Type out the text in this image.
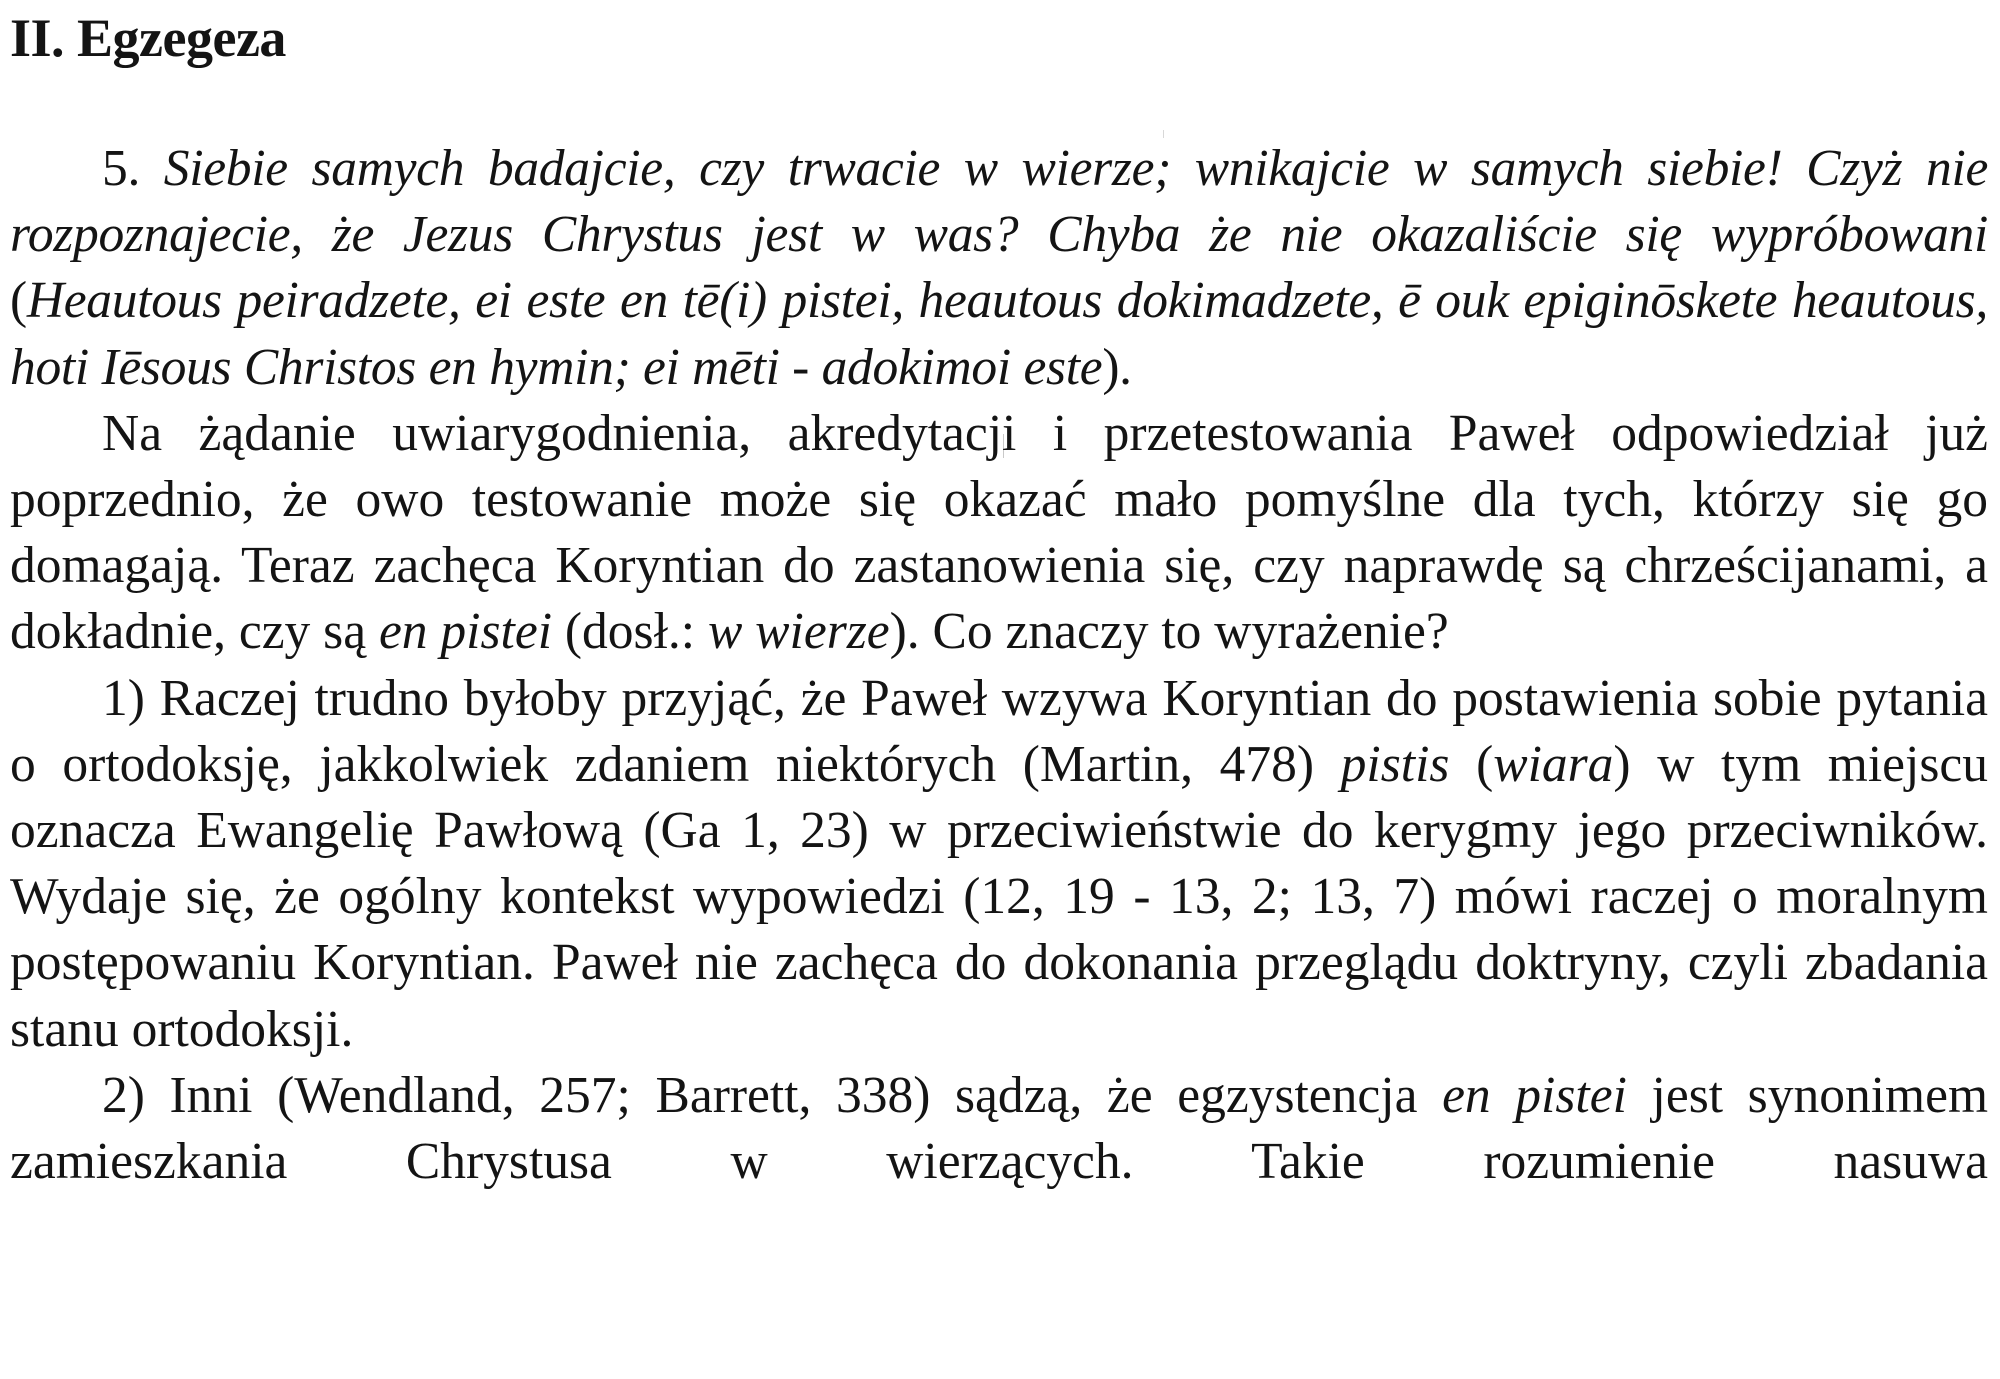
II. Egzegeza

5. Siebie samych badajcie, czy trwacie w wierze; wnikajcie w samych siebie! Czyż nie rozpoznajecie, że Jezus Chrystus jest w was? Chyba że nie okazaliście się wypróbowani (Heautous peiradzete, ei este en tē(i) pistei, heautous dokimadzete, ē ouk epiginōskete heautous, hoti Iēsous Christos en hymin; ei mēti - adokimoi este).

Na żądanie uwiarygodnienia, akredytacji i przetestowania Paweł odpowiedział już poprzednio, że owo testowanie może się okazać mało pomyślne dla tych, którzy się go domagają. Teraz zachęca Koryntian do zastanowienia się, czy naprawdę są chrześcijanami, a dokładnie, czy są en pistei (dosł.: w wierze). Co znaczy to wyrażenie?

1) Raczej trudno byłoby przyjąć, że Paweł wzywa Koryntian do postawienia sobie pytania o ortodoksję, jakkolwiek zdaniem niektórych (Martin, 478) pistis (wiara) w tym miejscu oznacza Ewangelię Pawłową (Ga 1, 23) w przeciwieństwie do kerygmy jego przeciwników. Wydaje się, że ogólny kontekst wypowiedzi (12, 19 - 13, 2; 13, 7) mówi raczej o moralnym postępowaniu Koryntian. Paweł nie zachęca do dokonania przeglądu doktryny, czyli zbadania stanu ortodoksji.

2) Inni (Wendland, 257; Barrett, 338) sądzą, że egzystencja en pistei jest synonimem zamieszkania Chrystusa w wierzących. Takie rozumienie nasuwa
